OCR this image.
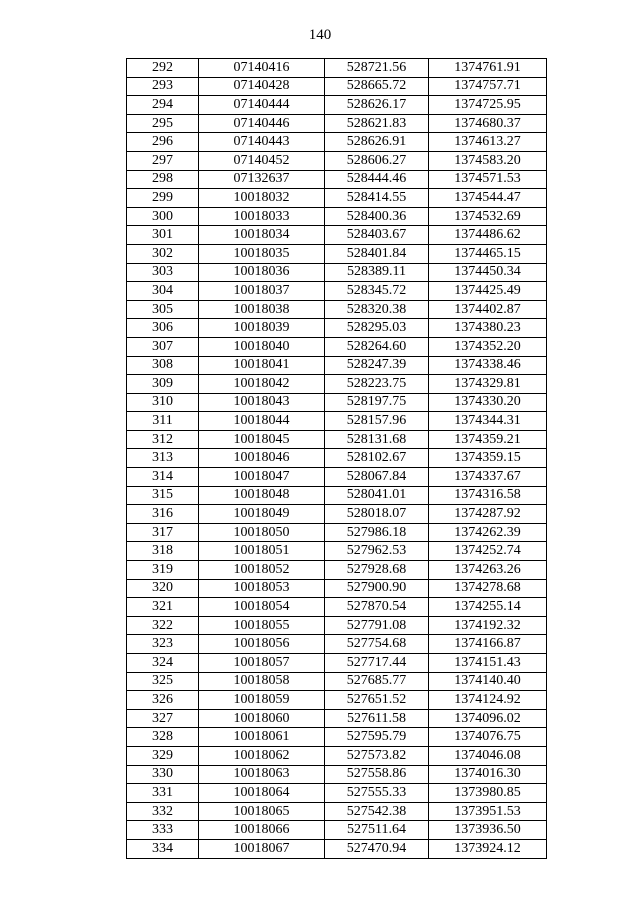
140
292	07140416	528721.56	1374761.91
293	07140428	528665.72	1374757.71
294	07140444	528626.17	1374725.95
295	07140446	528621.83	1374680.37
296	07140443	528626.91	1374613.27
297	07140452	528606.27	1374583.20
298	07132637	528444.46	1374571.53
299	10018032	528414.55	1374544.47
300	10018033	528400.36	1374532.69
301	10018034	528403.67	1374486.62
302	10018035	528401.84	1374465.15
303	10018036	528389.11	1374450.34
304	10018037	528345.72	1374425.49
305	10018038	528320.38	1374402.87
306	10018039	528295.03	1374380.23
307	10018040	528264.60	1374352.20
308	10018041	528247.39	1374338.46
309	10018042	528223.75	1374329.81
310	10018043	528197.75	1374330.20
311	10018044	528157.96	1374344.31
312	10018045	528131.68	1374359.21
313	10018046	528102.67	1374359.15
314	10018047	528067.84	1374337.67
315	10018048	528041.01	1374316.58
316	10018049	528018.07	1374287.92
317	10018050	527986.18	1374262.39
318	10018051	527962.53	1374252.74
319	10018052	527928.68	1374263.26
320	10018053	527900.90	1374278.68
321	10018054	527870.54	1374255.14
322	10018055	527791.08	1374192.32
323	10018056	527754.68	1374166.87
324	10018057	527717.44	1374151.43
325	10018058	527685.77	1374140.40
326	10018059	527651.52	1374124.92
327	10018060	527611.58	1374096.02
328	10018061	527595.79	1374076.75
329	10018062	527573.82	1374046.08
330	10018063	527558.86	1374016.30
331	10018064	527555.33	1373980.85
332	10018065	527542.38	1373951.53
333	10018066	527511.64	1373936.50
334	10018067	527470.94	1373924.12
